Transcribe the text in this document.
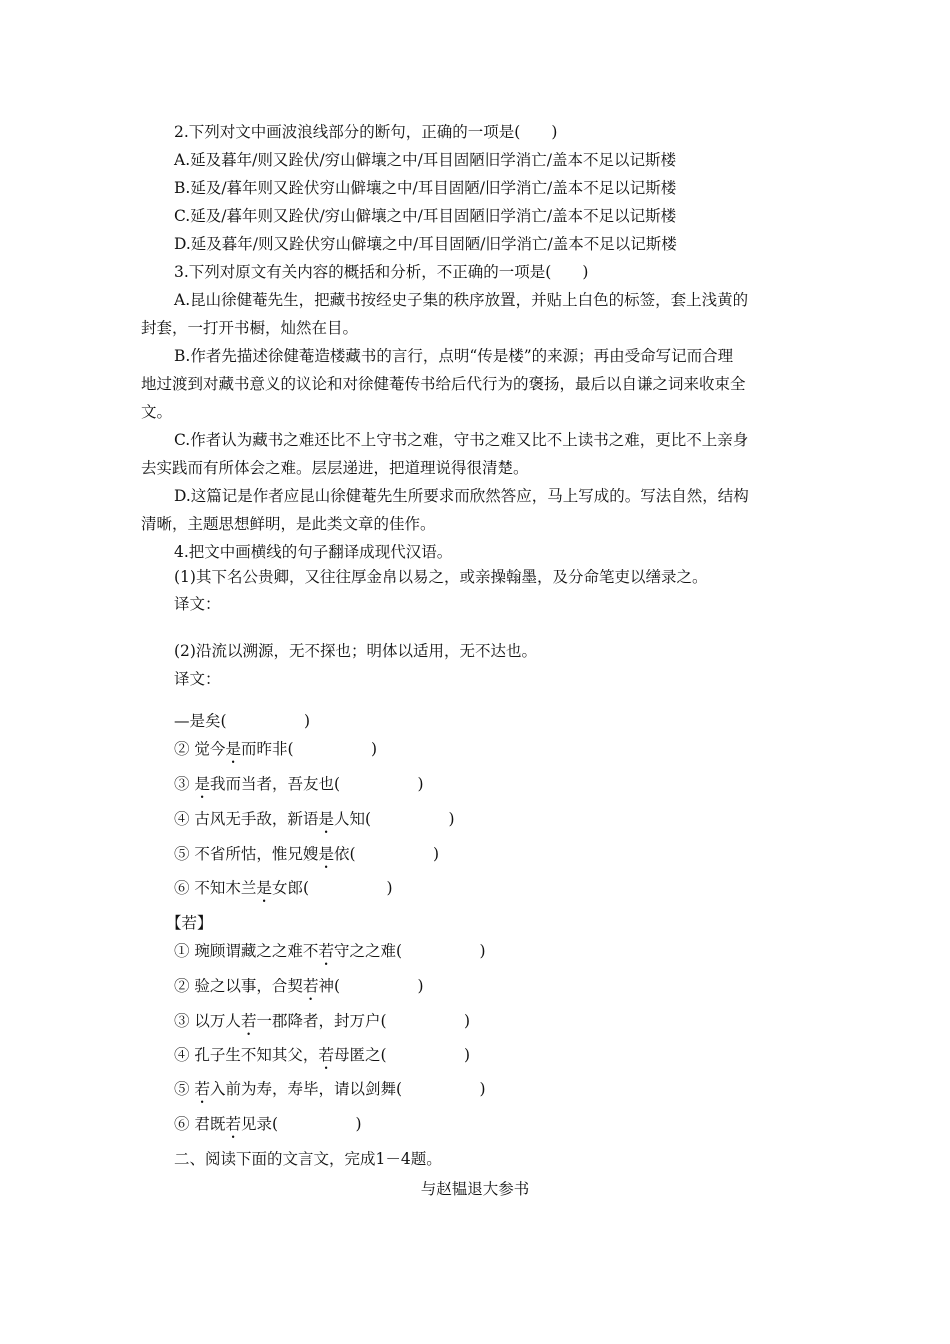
2.下列对文中画波浪线部分的断句，正确的一项是(　　)
A.延及暮年/则又跧伏/穷山僻壤之中/耳目固陋旧学消亡/盖本不足以记斯楼
B.延及/暮年则又跧伏穷山僻壤之中/耳目固陋/旧学消亡/盖本不足以记斯楼
C.延及/暮年则又跧伏/穷山僻壤之中/耳目固陋旧学消亡/盖本不足以记斯楼
D.延及暮年/则又跧伏穷山僻壤之中/耳目固陋/旧学消亡/盖本不足以记斯楼
3.下列对原文有关内容的概括和分析，不正确的一项是(　　)
A.昆山徐健菴先生，把藏书按经史子集的秩序放置，并贴上白色的标签，套上浅黄的
封套，一打开书橱，灿然在目。
B.作者先描述徐健菴造楼藏书的言行，点明“传是楼”的来源；再由受命写记而合理
地过渡到对藏书意义的议论和对徐健菴传书给后代行为的褒扬，最后以自谦之词来收束全
文。
C.作者认为藏书之难还比不上守书之难，守书之难又比不上读书之难，更比不上亲身
去实践而有所体会之难。层层递进，把道理说得很清楚。
D.这篇记是作者应昆山徐健菴先生所要求而欣然答应，马上写成的。写法自然，结构
清晰，主题思想鲜明，是此类文章的佳作。
4.把文中画横线的句子翻译成现代汉语。
(1)其下名公贵卿，又往往厚金帛以易之，或亲操翰墨，及分命笔吏以缮录之。
译文：
(2)沿流以溯源，无不探也；明体以适用，无不达也。
译文：
—是矣(　　　　　)
② 觉今是而昨非(　　　　　)
③ 是我而当者，吾友也(　　　　　)
④ 古风无手敌，新语是人知(　　　　　)
⑤ 不省所怙，惟兄嫂是依(　　　　　)
⑥ 不知木兰是女郎(　　　　　)
【若】
① 琬顾谓藏之之难不若守之之难(　　　　　)
② 验之以事，合契若神(　　　　　)
③ 以万人若一郡降者，封万户(　　　　　)
④ 孔子生不知其父，若母匿之(　　　　　)
⑤ 若入前为寿，寿毕，请以剑舞(　　　　　)
⑥ 君既若见录(　　　　　)
二、阅读下面的文言文，完成1－4题。
与赵韫退大参书
